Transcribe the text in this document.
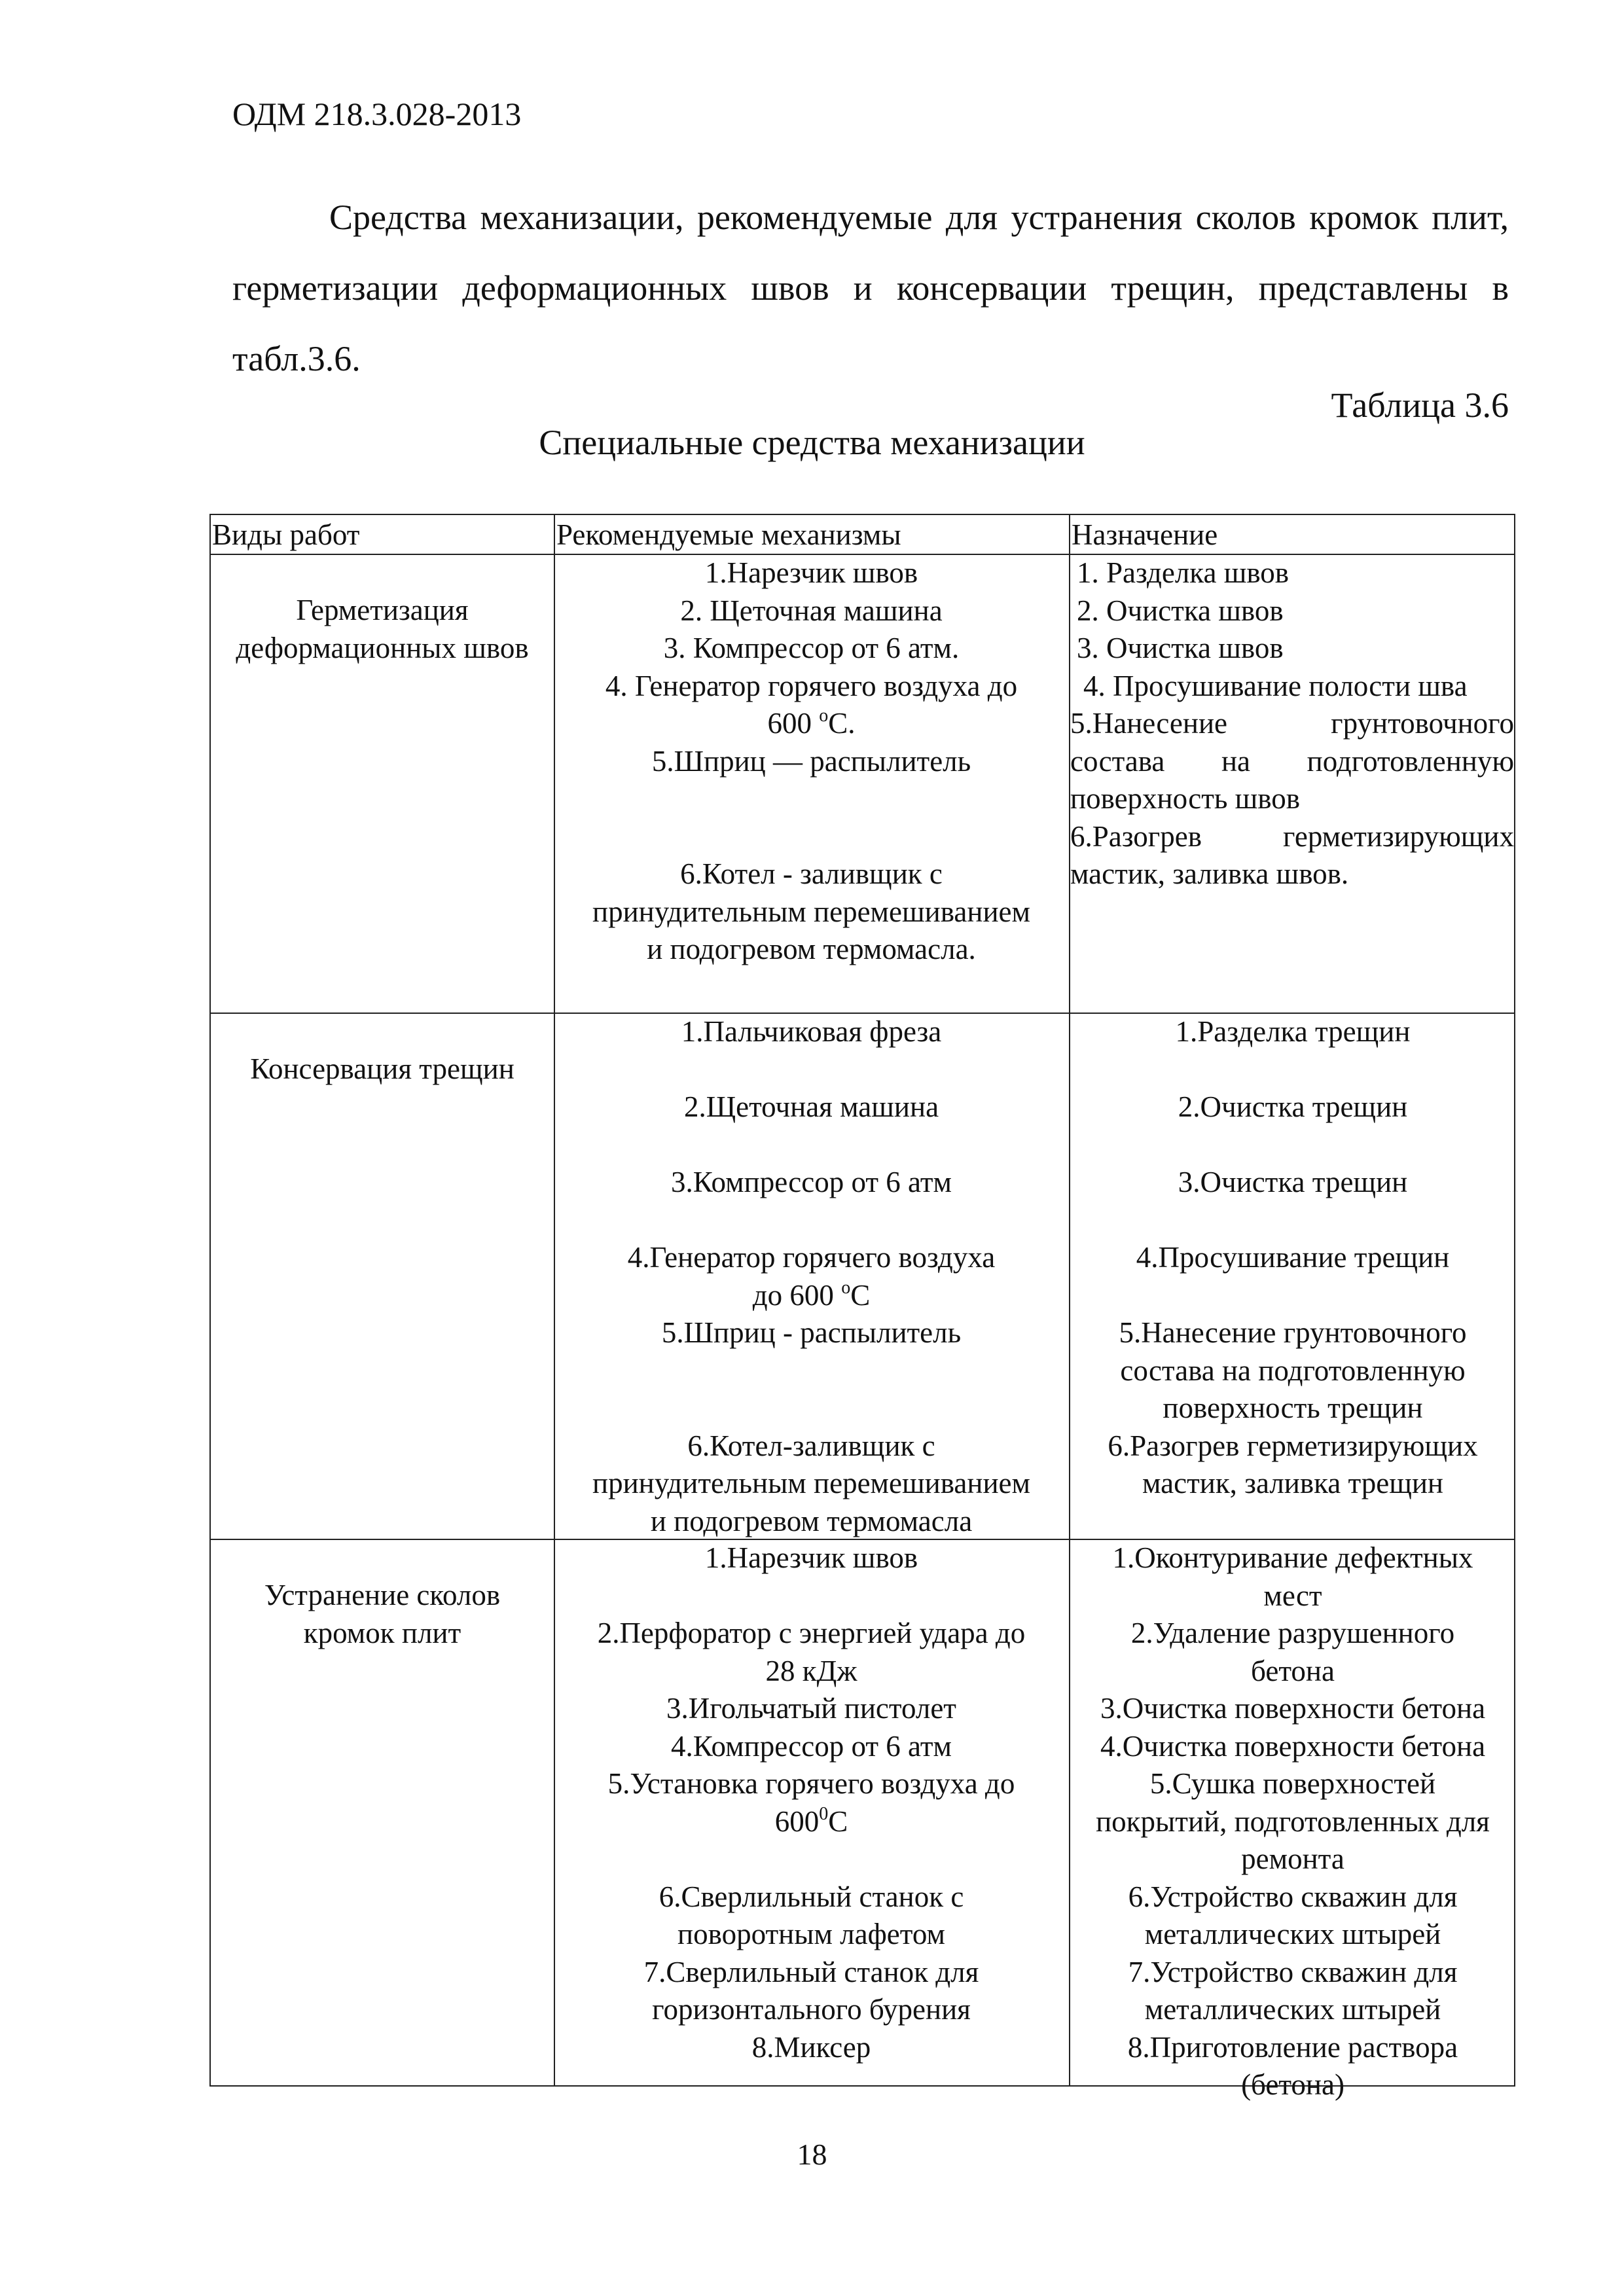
ОДМ 218.3.028-2013

Средства механизации, рекомендуемые для устранения сколов кромок плит, герметизации деформационных швов и консервации трещин, представлены в табл.3.6.

Таблица 3.6
Специальные средства механизации
Виды работ	Рекомендуемые механизмы	Назначение
Герметизация деформационных швов
1.Нарезчик швов
2. Щеточная машина
3. Компрессор от 6 атм.
4. Генератор горячего воздуха до
600 $^o$С.
5.Шприц — распылитель

6.Котел - заливщик с
принудительным перемешиванием
и подогревом термомасла.
1. Разделка швов
2. Очистка швов
3. Очистка швов
4. Просушивание полости шва
5.Нанесение грунтовочного состава на подготовленную поверхность швов
6.Разогрев герметизирующих мастик, заливка швов.
Консервация трещин
1.Пальчиковая фреза

2.Щеточная машина

3.Компрессор от 6 атм

4.Генератор горячего воздуха
до 600 $^o$С
5.Шприц - распылитель

6.Котел-заливщик с
принудительным перемешиванием
и подогревом термомасла
1.Разделка трещин

2.Очистка трещин

3.Очистка трещин

4.Просушивание трещин

5.Нанесение грунтовочного
состава на подготовленную
поверхность трещин
6.Разогрев герметизирующих
мастик, заливка трещин
Устранение сколов кромок плит
1.Нарезчик швов

2.Перфоратор с энергией удара до
28 кДж
3.Игольчатый пистолет
4.Компрессор от 6 атм
5.Установка горячего воздуха до
$600^0С$

6.Сверлильный станок с
поворотным лафетом
7.Сверлильный станок для
горизонтального бурения
8.Миксер
1.Оконтуривание дефектных
мест
2.Удаление разрушенного
бетона
3.Очистка поверхности бетона
4.Очистка поверхности бетона
5.Сушка поверхностей
покрытий, подготовленных для
ремонта
6.Устройство скважин для
металлических штырей
7.Устройство скважин для
металлических штырей
8.Приготовление раствора
(бетона)
18
